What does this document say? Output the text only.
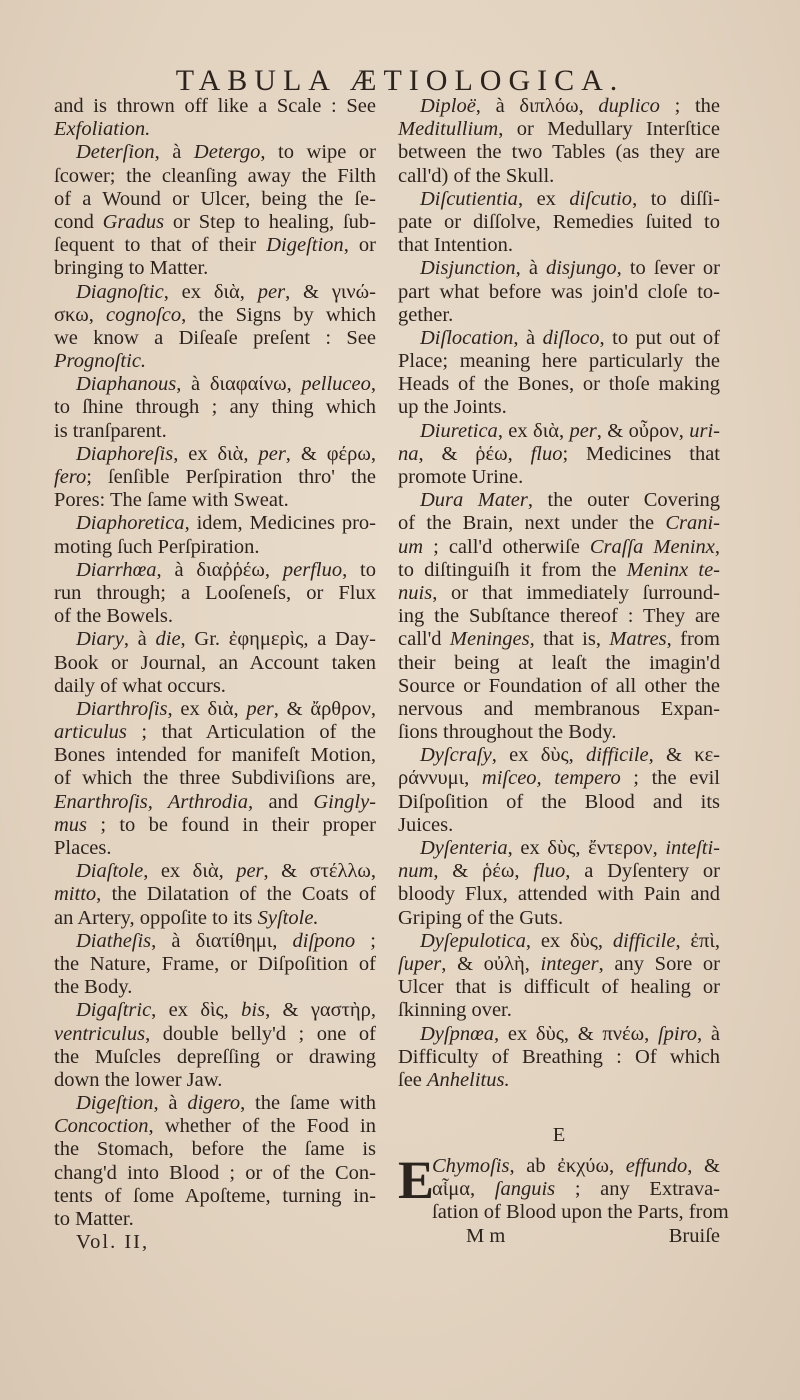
TABULA ÆTIOLOGICA.
and is thrown off like a Scale : See
Exfoliation.
Deterſion, à Detergo, to wipe or
ſcower; the cleanſing away the Filth
of a Wound or Ulcer, being the ſe-
cond Gradus or Step to healing, ſub-
ſequent to that of their Digeſtion, or
bringing to Matter.
Diagnoſtic, ex διὰ, per, & γινώ-
σκω, cognoſco, the Signs by which
we know a Diſeaſe preſent : See
Prognoſtic.
Diaphanous, à διαφαίνω, pelluceo,
to ſhine through ; any thing which
is tranſparent.
Diaphoreſis, ex διὰ, per, & φέρω,
fero; ſenſible Perſpiration thro' the
Pores: The ſame with Sweat.
Diaphoretica, idem, Medicines pro-
moting ſuch Perſpiration.
Diarrhœa, à διαῤῥέω, perfluo, to
run through; a Looſeneſs, or Flux
of the Bowels.
Diary, à die, Gr. ἐφημερὶς, a Day-
Book or Journal, an Account taken
daily of what occurs.
Diarthroſis, ex διὰ, per, & ἄρθρον,
articulus ; that Articulation of the
Bones intended for manifeſt Motion,
of which the three Subdiviſions are,
Enarthroſis, Arthrodia, and Gingly-
mus ; to be found in their proper
Places.
Diaſtole, ex διὰ, per, & στέλλω,
mitto, the Dilatation of the Coats of
an Artery, oppoſite to its Syſtole.
Diatheſis, à διατίθημι, diſpono ;
the Nature, Frame, or Diſpoſition of
the Body.
Digaſtric, ex δὶς, bis, & γαστὴρ,
ventriculus, double belly'd ; one of
the Muſcles depreſſing or drawing
down the lower Jaw.
Digeſtion, à digero, the ſame with
Concoction, whether of the Food in
the Stomach, before the ſame is
chang'd into Blood ; or of the Con-
tents of ſome Apoſteme, turning in-
to Matter.
Vol. II,
Diploë, à διπλόω, duplico ; the
Meditullium, or Medullary Interſtice
between the two Tables (as they are
call'd) of the Skull.
Diſcutientia, ex diſcutio, to diſſi-
pate or diſſolve, Remedies ſuited to
that Intention.
Disjunction, à disjungo, to ſever or
part what before was join'd cloſe to-
gether.
Diſlocation, à diſloco, to put out of
Place; meaning here particularly the
Heads of the Bones, or thoſe making
up the Joints.
Diuretica, ex διὰ, per, & οὖρον, uri-
na, & ῥέω, fluo; Medicines that
promote Urine.
Dura Mater, the outer Covering
of the Brain, next under the Crani-
um ; call'd otherwiſe Craſſa Meninx,
to diſtinguiſh it from the Meninx te-
nuis, or that immediately ſurround-
ing the Subſtance thereof : They are
call'd Meninges, that is, Matres, from
their being at leaſt the imagin'd
Source or Foundation of all other the
nervous and membranous Expan-
ſions throughout the Body.
Dyſcraſy, ex δὺς, difficile, & κε-
ράννυμι, miſceo, tempero ; the evil
Diſpoſition of the Blood and its
Juices.
Dyſenteria, ex δὺς, ἔντερον, inteſti-
num, & ῥέω, fluo, a Dyſentery or
bloody Flux, attended with Pain and
Griping of the Guts.
Dyſepulotica, ex δὺς, difficile, ἐπὶ,
ſuper, & οὐλὴ, integer, any Sore or
Ulcer that is difficult of healing or
ſkinning over.
Dyſpnœa, ex δὺς, & πνέω, ſpiro, à
Difficulty of Breathing : Of which
ſee Anhelitus.
E
E
Chymoſis, ab ἐκχύω, effundo, &
αἷμα, ſanguis ; any Extrava-
ſation of Blood upon the Parts, from
M m	Bruiſe
